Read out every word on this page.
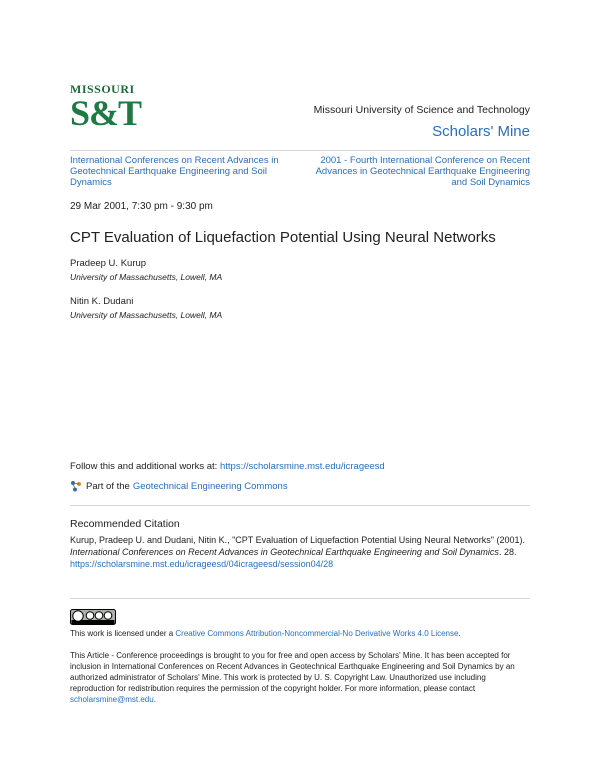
MISSOURI
S&T	Missouri University of Science and Technology
Scholars' Mine
International Conferences on Recent Advances in Geotechnical Earthquake Engineering and Soil Dynamics
2001 - Fourth International Conference on Recent Advances in Geotechnical Earthquake Engineering and Soil Dynamics
29 Mar 2001, 7:30 pm - 9:30 pm
CPT Evaluation of Liquefaction Potential Using Neural Networks
Pradeep U. Kurup
University of Massachusetts, Lowell, MA
Nitin K. Dudani
University of Massachusetts, Lowell, MA
Follow this and additional works at: https://scholarsmine.mst.edu/icrageesd
Part of the Geotechnical Engineering Commons
Recommended Citation
Kurup, Pradeep U. and Dudani, Nitin K., "CPT Evaluation of Liquefaction Potential Using Neural Networks" (2001). International Conferences on Recent Advances in Geotechnical Earthquake Engineering and Soil Dynamics. 28.
https://scholarsmine.mst.edu/icrageesd/04icrageesd/session04/28
This work is licensed under a Creative Commons Attribution-Noncommercial-No Derivative Works 4.0 License.
This Article - Conference proceedings is brought to you for free and open access by Scholars' Mine. It has been accepted for inclusion in International Conferences on Recent Advances in Geotechnical Earthquake Engineering and Soil Dynamics by an authorized administrator of Scholars' Mine. This work is protected by U. S. Copyright Law. Unauthorized use including reproduction for redistribution requires the permission of the copyright holder. For more information, please contact scholarsmine@mst.edu.
